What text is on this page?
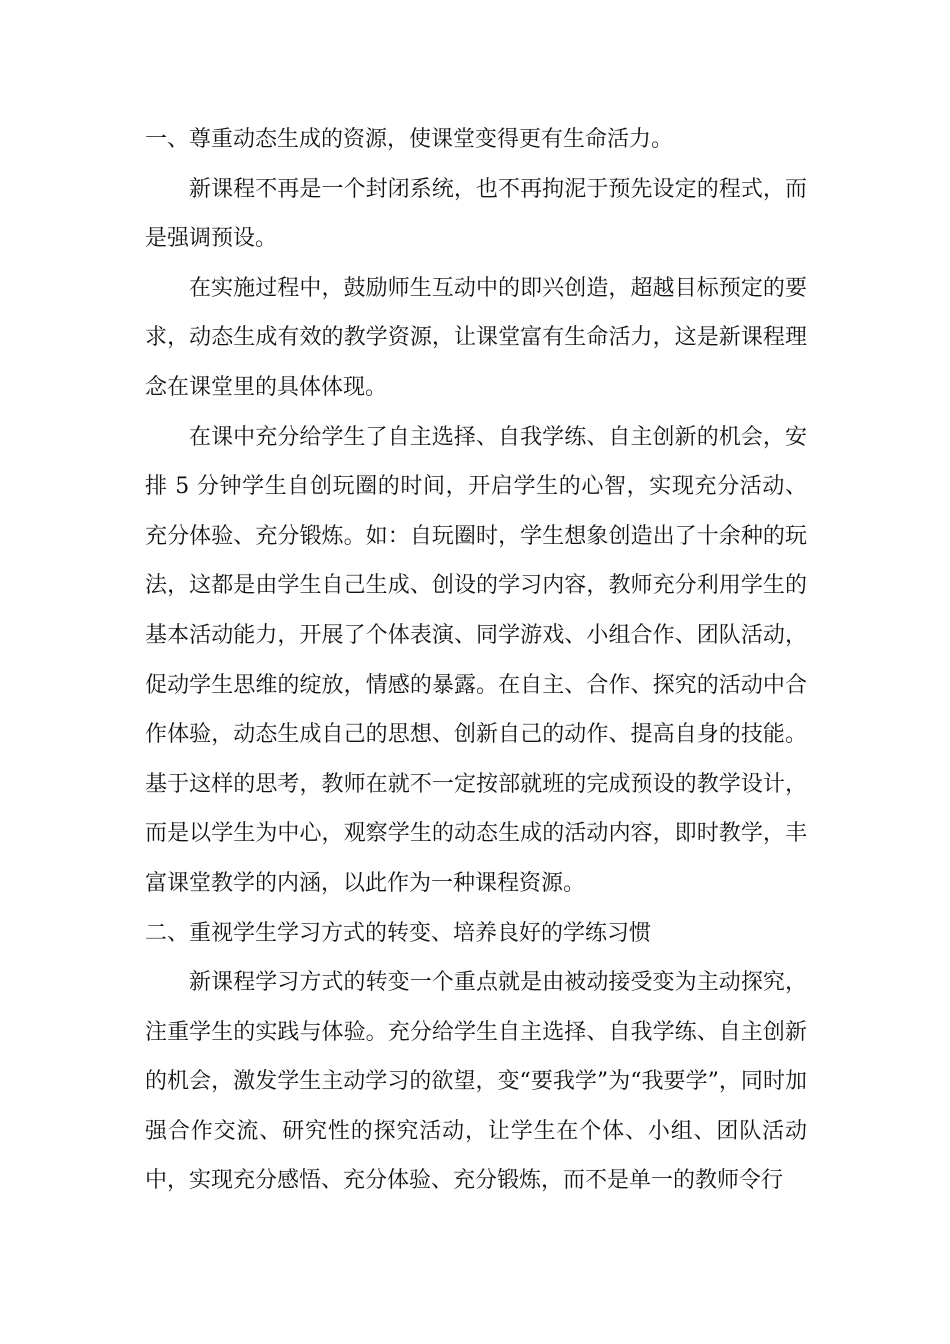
一、尊重动态生成的资源，使课堂变得更有生命活力。

新课程不再是一个封闭系统，也不再拘泥于预先设定的程式，而是强调预设。

在实施过程中，鼓励师生互动中的即兴创造，超越目标预定的要求，动态生成有效的教学资源，让课堂富有生命活力，这是新课程理念在课堂里的具体体现。

在课中充分给学生了自主选择、自我学练、自主创新的机会，安排 5 分钟学生自创玩圈的时间，开启学生的心智，实现充分活动、充分体验、充分锻炼。如：自玩圈时，学生想象创造出了十余种的玩法，这都是由学生自己生成、创设的学习内容，教师充分利用学生的基本活动能力，开展了个体表演、同学游戏、小组合作、团队活动，促动学生思维的绽放，情感的暴露。在自主、合作、探究的活动中合作体验，动态生成自己的思想、创新自己的动作、提高自身的技能。基于这样的思考，教师在就不一定按部就班的完成预设的教学设计，而是以学生为中心，观察学生的动态生成的活动内容，即时教学，丰富课堂教学的内涵，以此作为一种课程资源。

二、重视学生学习方式的转变、培养良好的学练习惯

新课程学习方式的转变一个重点就是由被动接受变为主动探究，注重学生的实践与体验。充分给学生自主选择、自我学练、自主创新的机会，激发学生主动学习的欲望，变“要我学”为“我要学”，同时加强合作交流、研究性的探究活动，让学生在个体、小组、团队活动中，实现充分感悟、充分体验、充分锻炼，而不是单一的教师令行
